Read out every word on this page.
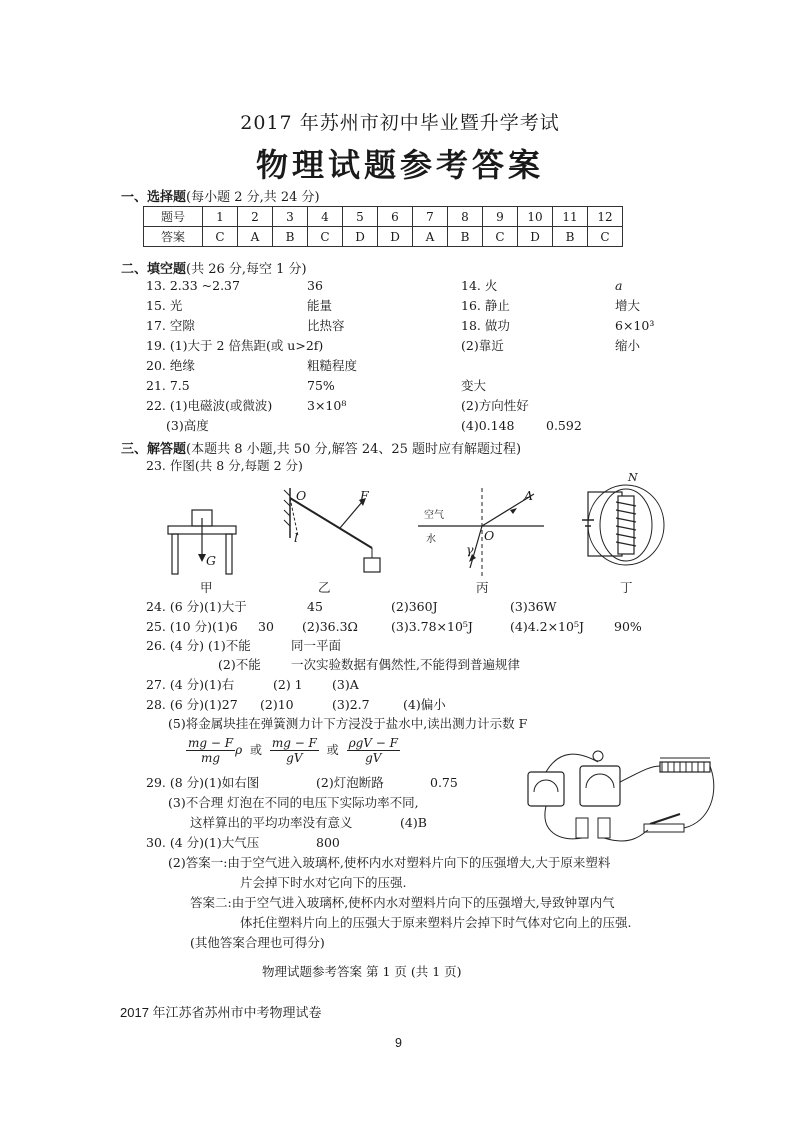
2017 年苏州市初中毕业暨升学考试
物理试题参考答案
一、选择题(每小题 2 分,共 24 分)
题号	1	2	3	4	5	6	7	8	9	10	11	12
答案	C	A	B	C	D	D	A	B	C	D	B	C
二、填空题(共 26 分,每空 1 分)
13. 2.33 ~2.37	36	14. 火	a
15. 光	能量	16. 静止	增大
17. 空隙	比热容	18. 做功	6×10³
19. (1)大于 2 倍焦距(或 u>2f)	(2)靠近	缩小
20. 绝缘	粗糙程度
21. 7.5	75%	变大
22. (1)电磁波(或微波)	3×10⁸	(2)方向性好
(3)高度	(4)0.148	0.592
三、解答题(本题共 8 小题,共 50 分,解答 24、25 题时应有解题过程)
23. 作图(共 8 分,每题 2 分)
G
甲
O	F
l
乙
空气
水
A
O
γ
丙
N
丁
24. (6 分)(1)大于	45	(2)360J	(3)36W
25. (10 分)(1)6 30 (2)36.3Ω	(3)3.78×10⁵J	(4)4.2×10⁵J 90%
26. (4 分) (1)不能	同一平面
(2)不能 一次实验数据有偶然性,不能得到普遍规律
27. (4 分)(1)右	(2) 1 (3)A
28. (6 分)(1)27 (2)10	(3)2.7	(4)偏小
(5)将金属块挂在弹簧测力计下方浸没于盐水中,读出测力计示数 F
$\frac{mg - F}{mg}$ ρ 或 $\frac{mg - F}{gV}$ 或 $\frac{\text{ρgV − F}}{gV}$
29. (8 分)(1)如右图	(2)灯泡断路	0.75
(3)不合理 灯泡在不同的电压下实际功率不同,
这样算出的平均功率没有意义	(4)B
30. (4 分)(1)大气压	800
(2)答案一:由于空气进入玻璃杯,使杯内水对塑料片向下的压强增大,大于原来塑料
片会掉下时水对它向下的压强.
答案二:由于空气进入玻璃杯,使杯内水对塑料片向下的压强增大,导致钟罩内气
体托住塑料片向上的压强大于原来塑料片会掉下时气体对它向上的压强.
(其他答案合理也可得分)
物理试题参考答案 第 1 页 (共 1 页)
2017 年江苏省苏州市中考物理试卷
9
